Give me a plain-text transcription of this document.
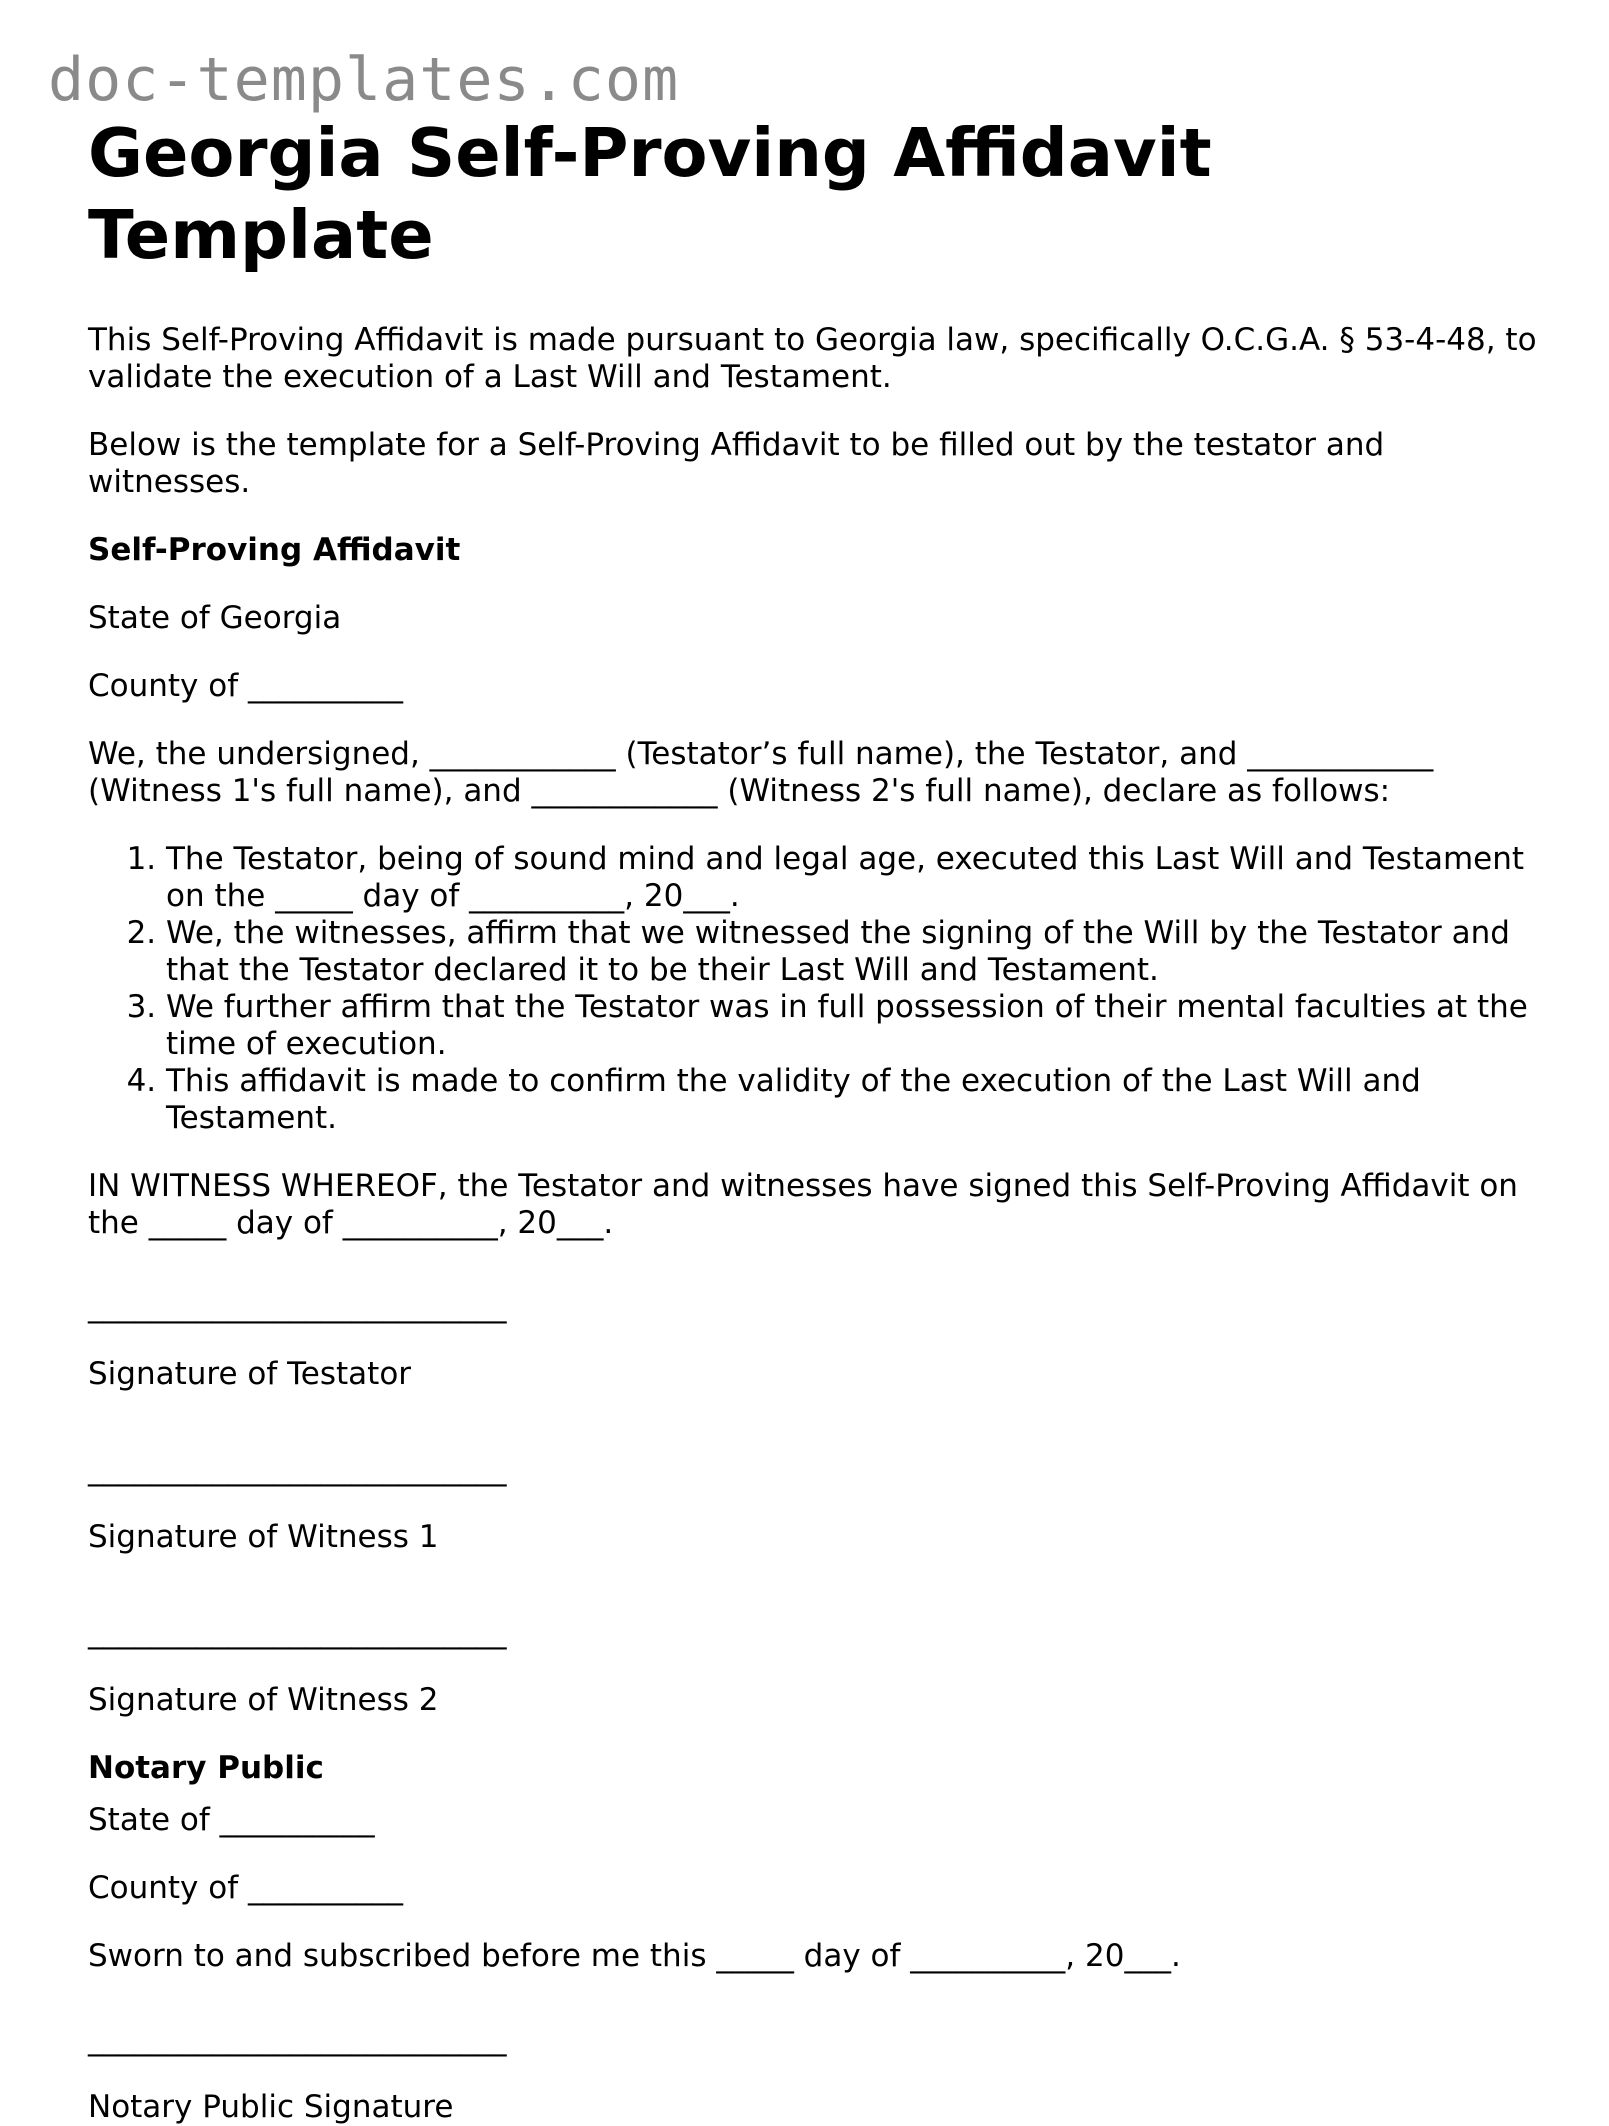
doc-templates.com
Georgia Self-Proving Affidavit Template

This Self-Proving Affidavit is made pursuant to Georgia law, specifically O.C.G.A. § 53-4-48, to validate the execution of a Last Will and Testament.

Below is the template for a Self-Proving Affidavit to be filled out by the testator and witnesses.

Self-Proving Affidavit

State of Georgia

County of __________

We, the undersigned, ____________ (Testator’s full name), the Testator, and ____________ (Witness 1's full name), and ____________ (Witness 2's full name), declare as follows:

1. The Testator, being of sound mind and legal age, executed this Last Will and Testament on the _____ day of __________, 20___.
2. We, the witnesses, affirm that we witnessed the signing of the Will by the Testator and that the Testator declared it to be their Last Will and Testament.
3. We further affirm that the Testator was in full possession of their mental faculties at the time of execution.
4. This affidavit is made to confirm the validity of the execution of the Last Will and Testament.

IN WITNESS WHEREOF, the Testator and witnesses have signed this Self-Proving Affidavit on the _____ day of __________, 20___.

___________________________

Signature of Testator

___________________________

Signature of Witness 1

___________________________

Signature of Witness 2

Notary Public

State of __________

County of __________

Sworn to and subscribed before me this _____ day of __________, 20___.

___________________________

Notary Public Signature
